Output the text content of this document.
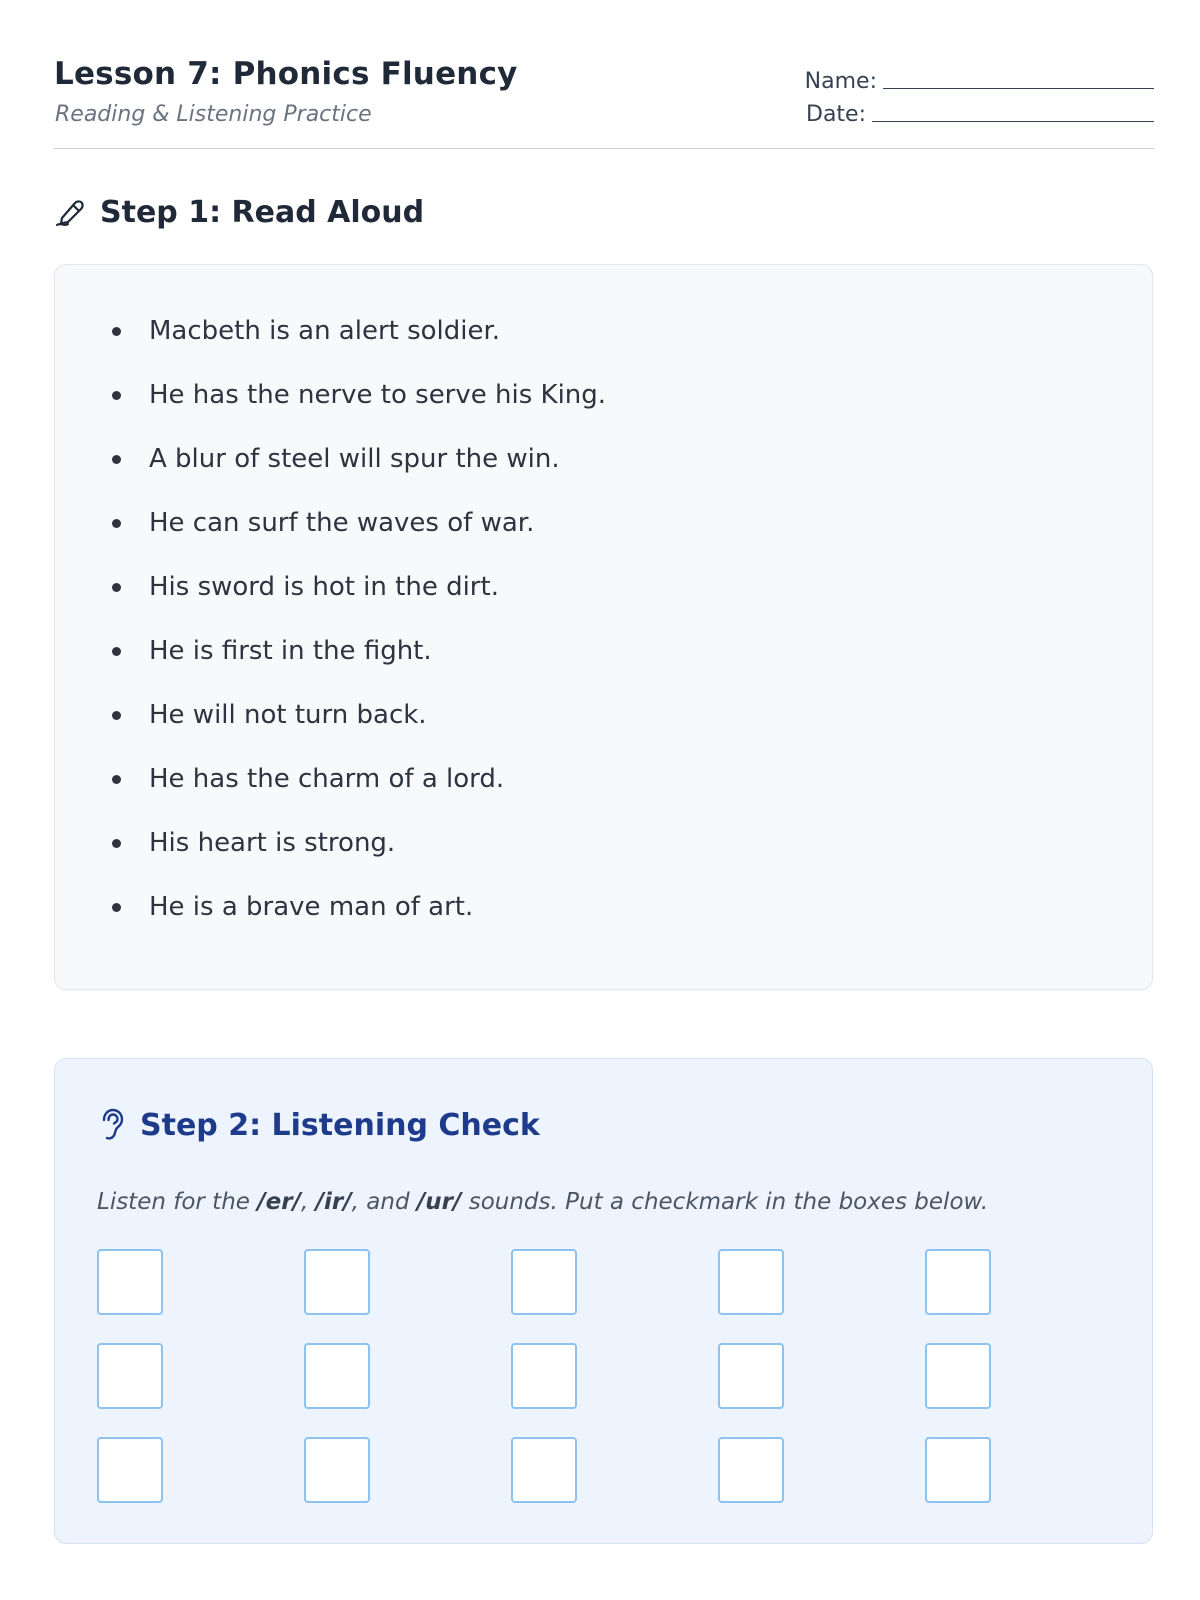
Lesson 7: Phonics Fluency
Reading & Listening Practice
Name:
Date:
Step 1: Read Aloud
Macbeth is an alert soldier.
He has the nerve to serve his King.
A blur of steel will spur the win.
He can surf the waves of war.
His sword is hot in the dirt.
He is first in the fight.
He will not turn back.
He has the charm of a lord.
His heart is strong.
He is a brave man of art.
Step 2: Listening Check
Listen for the /er/, /ir/, and /ur/ sounds. Put a checkmark in the boxes below.
